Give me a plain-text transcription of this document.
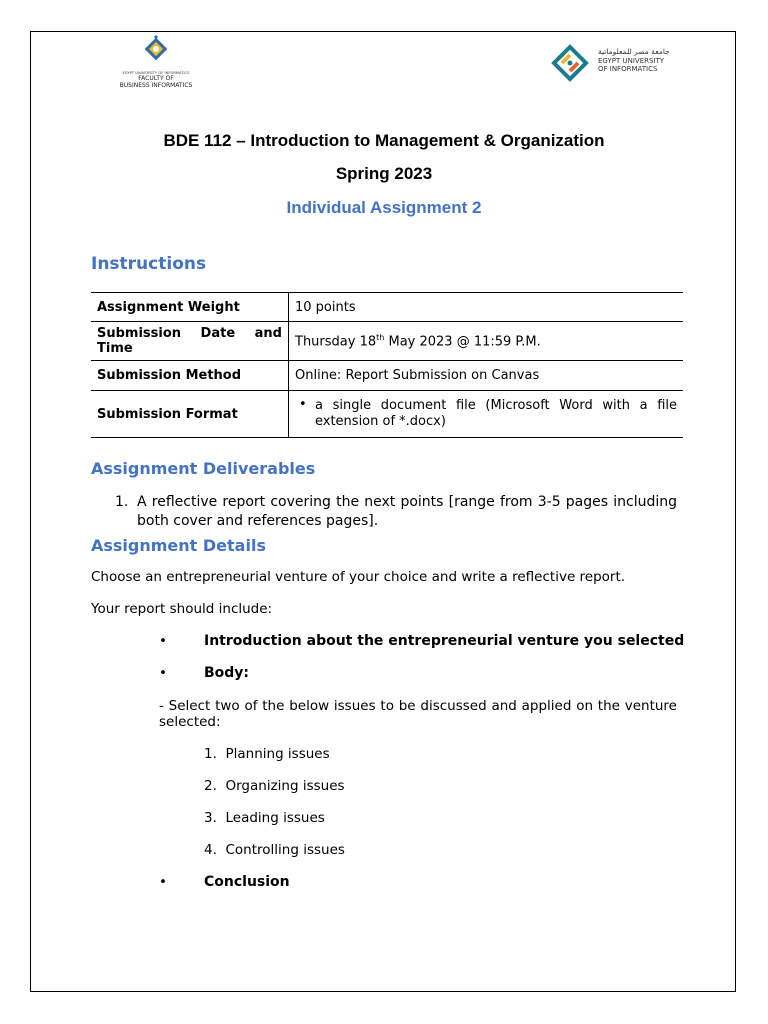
EGYPT UNIVERSITY OF INFORMATICS
FACULTY OF
BUSINESS INFORMATICS
جامعة مصر للمعلوماتية
EGYPT UNIVERSITY
OF INFORMATICS
BDE 112 – Introduction to Management & Organization
Spring 2023
Individual Assignment 2
Instructions
Assignment Weight	10 points

Submission Date and
Time	Thursday 18th May 2023 @ 11:59 P.M.
Submission Method	Online: Report Submission on Canvas
Submission Format	• a single document file (Microsoft Word with a file extension of *.docx)
Assignment Deliverables
1. A reflective report covering the next points [range from 3-5 pages including both cover and references pages].
Assignment Details
Choose an entrepreneurial venture of your choice and write a reflective report.
Your report should include:
•	Introduction about the entrepreneurial venture you selected
•	Body:
- Select two of the below issues to be discussed and applied on the venture selected:
1. Planning issues
2. Organizing issues
3. Leading issues
4. Controlling issues
•	Conclusion
